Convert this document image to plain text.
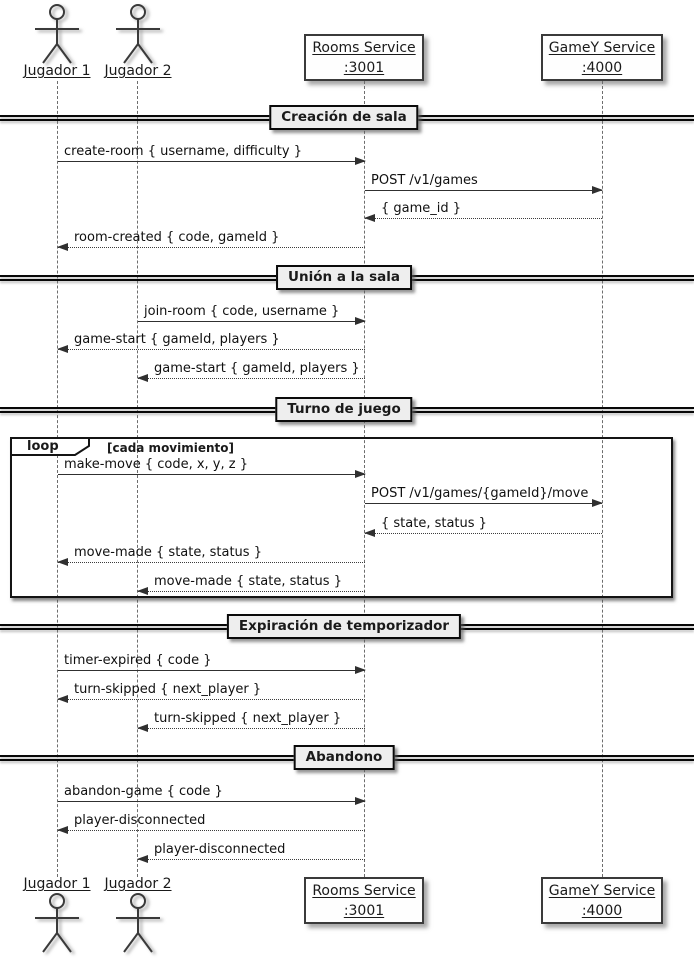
Jugador 1 Jugador 2
Rooms Service
:3001
GameY Service
:4000
Creación de sala
Unión a la sala
Turno de juego
Expiración de temporizador
Abandono
loop	[cada movimiento]
create-room { username, difficulty }
POST /v1/games
{ game_id }
room-created { code, gameId }
join-room { code, username }
game-start { gameId, players }
game-start { gameId, players }
make-move { code, x, y, z }
POST /v1/games/{gameId}/move
{ state, status }
move-made { state, status }
move-made { state, status }
timer-expired { code }
turn-skipped { next_player }
turn-skipped { next_player }
abandon-game { code }
player-disconnected
player-disconnected
Jugador 1 Jugador 2	Rooms Service
:3001
GameY Service
:4000
